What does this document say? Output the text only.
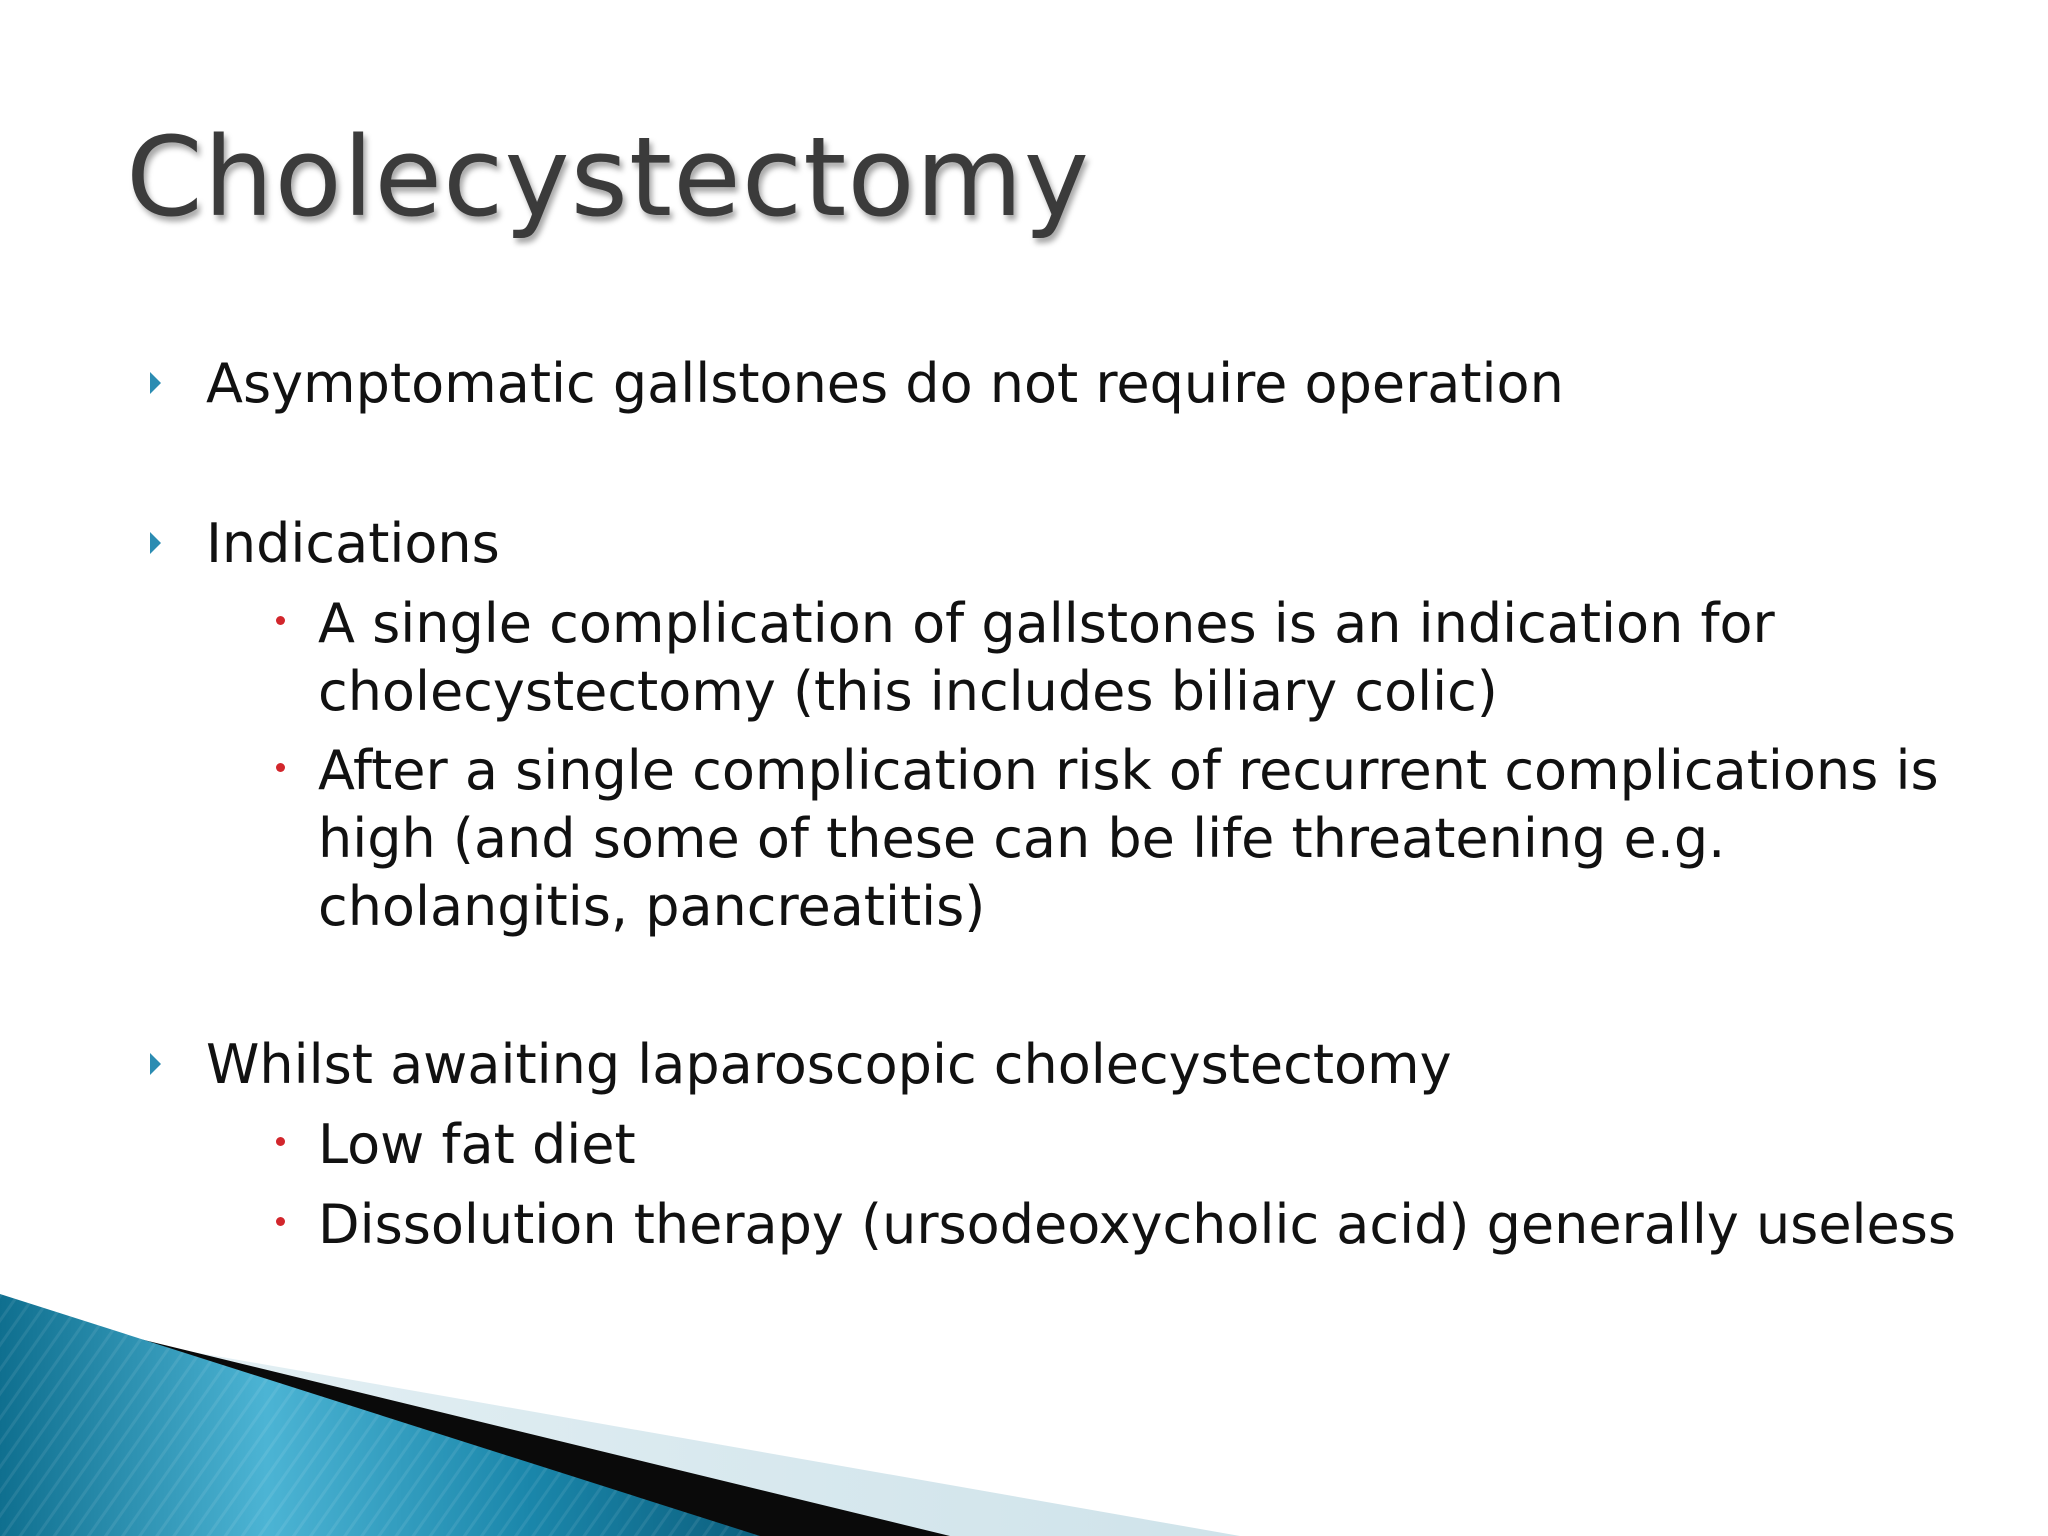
Cholecystectomy
Asymptomatic gallstones do not require operation
Indications
A single complication of gallstones is an indication for cholecystectomy (this includes biliary colic)
After a single complication risk of recurrent complications is high (and some of these can be life threatening e.g. cholangitis, pancreatitis)
Whilst awaiting laparoscopic cholecystectomy
Low fat diet
Dissolution therapy (ursodeoxycholic acid) generally useless
